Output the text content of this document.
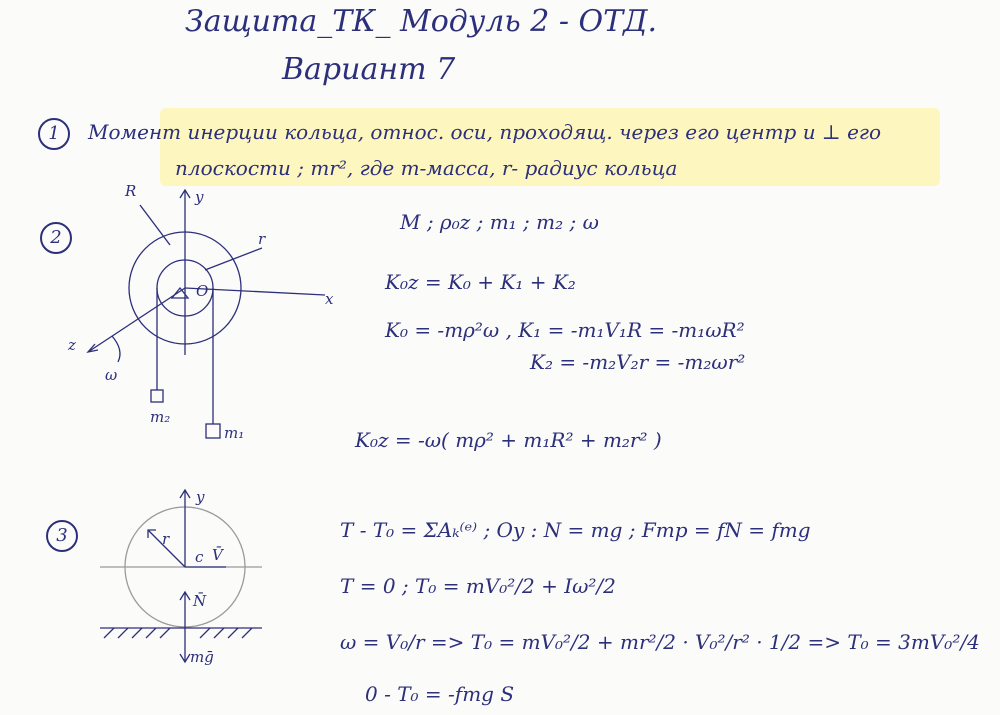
Защита_ТК_ Модуль 2 - ОТД.
Вариант 7
1	Момент инерции кольца, относ. оси, проходящ. через его центр и ⊥ его
плоскости ; mr², где m-масса, r- радиус кольца
2
M ; ρ₀z ; m₁ ; m₂ ; ω
K₀z = K₀ + K₁ + K₂
K₀ = -mρ²ω , K₁ = -m₁V₁R = -m₁ωR²
K₂ = -m₂V₂r = -m₂ωr²
K₀z = -ω( mρ² + m₁R² + m₂r² )
R
r
y
x
O
z
ω
m₂
m₁
3	T - T₀ = ΣAₖ⁽ᵉ⁾ ; Oy : N = mg ; Fтр = fN = fmg
T = 0 ; T₀ = mV₀²/2 + Iω²/2
ω = V₀/r => T₀ = mV₀²/2 + mr²/2 · V₀²/r² · 1/2 => T₀ = 3mV₀²/4
0 - T₀ = -fmg S
y
r
c V̄
N̄
mḡ
